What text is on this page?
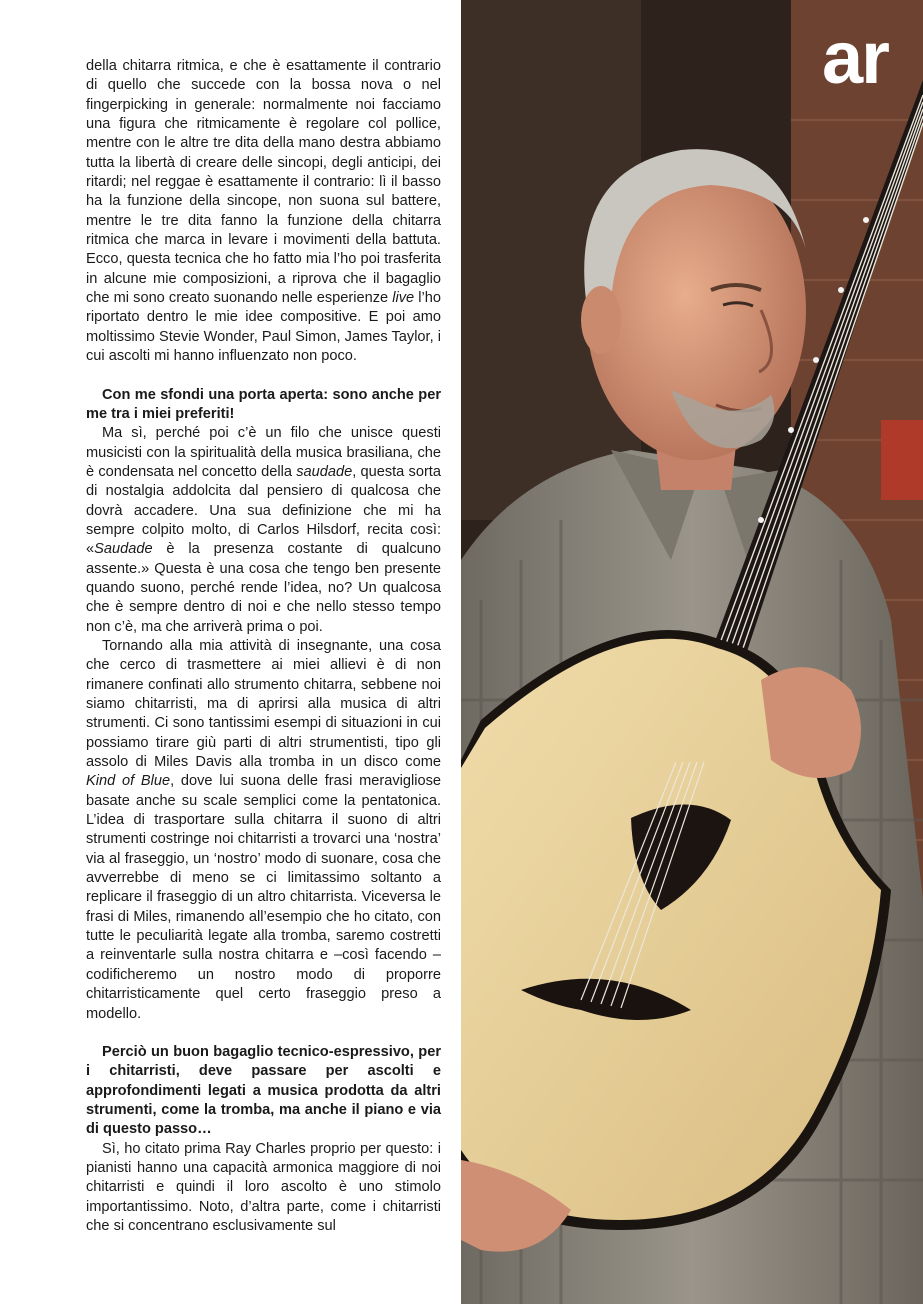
della chitarra ritmica, e che è esattamente il contrario di quello che succede con la bossa nova o nel fingerpicking in generale: normalmente noi facciamo una figura che ritmicamente è regolare col pollice, mentre con le altre tre dita della mano destra abbiamo tutta la libertà di creare delle sincopi, degli anticipi, dei ritardi; nel reggae è esattamente il contrario: lì il basso ha la funzione della sincope, non suona sul battere, mentre le tre dita fanno la funzione della chitarra ritmica che marca in levare i movimenti della battuta. Ecco, questa tecnica che ho fatto mia l’ho poi trasferita in alcune mie composizioni, a riprova che il bagaglio che mi sono creato suonando nelle esperienze live l’ho riportato dentro le mie idee compositive. E poi amo moltissimo Stevie Wonder, Paul Simon, James Taylor, i cui ascolti mi hanno influenzato non poco.

Con me sfondi una porta aperta: sono anche per me tra i miei preferiti!

Ma sì, perché poi c’è un filo che unisce questi musicisti con la spiritualità della musica brasiliana, che è condensata nel concetto della saudade, questa sorta di nostalgia addolcita dal pensiero di qualcosa che dovrà accadere. Una sua definizione che mi ha sempre colpito molto, di Carlos Hilsdorf, recita così: «Saudade è la presenza costante di qualcuno assente.» Questa è una cosa che tengo ben presente quando suono, perché rende l’idea, no? Un qualcosa che è sempre dentro di noi e che nello stesso tempo non c’è, ma che arriverà prima o poi.

Tornando alla mia attività di insegnante, una cosa che cerco di trasmettere ai miei allievi è di non rimanere confinati allo strumento chitarra, sebbene noi siamo chitarristi, ma di aprirsi alla musica di altri strumenti. Ci sono tantissimi esempi di situazioni in cui possiamo tirare giù parti di altri strumentisti, tipo gli assolo di Miles Davis alla tromba in un disco come Kind of Blue, dove lui suona delle frasi meravigliose basate anche su scale semplici come la pentatonica. L’idea di trasportare sulla chitarra il suono di altri strumenti costringe noi chitarristi a trovarci una ‘nostra’ via al fraseggio, un ‘nostro’ modo di suonare, cosa che avverrebbe di meno se ci limitassimo soltanto a replicare il fraseggio di un altro chitarrista. Viceversa le frasi di Miles, rimanendo all’esempio che ho citato, con tutte le peculiarità legate alla tromba, saremo costretti a reinventarle sulla nostra chitarra e –così facendo – codificheremo un nostro modo di proporre chitarristicamente quel certo fraseggio preso a modello.

Perciò un buon bagaglio tecnico-espressivo, per i chitarristi, deve passare per ascolti e approfondimenti legati a musica prodotta da altri strumenti, come la tromba, ma anche il piano e via di questo passo…

Sì, ho citato prima Ray Charles proprio per questo: i pianisti hanno una capacità armonica maggiore di noi chitarristi e quindi il loro ascolto è uno stimolo importantissimo. Noto, d’altra parte, come i chitarristi che si concentrano esclusivamente sul

ar
